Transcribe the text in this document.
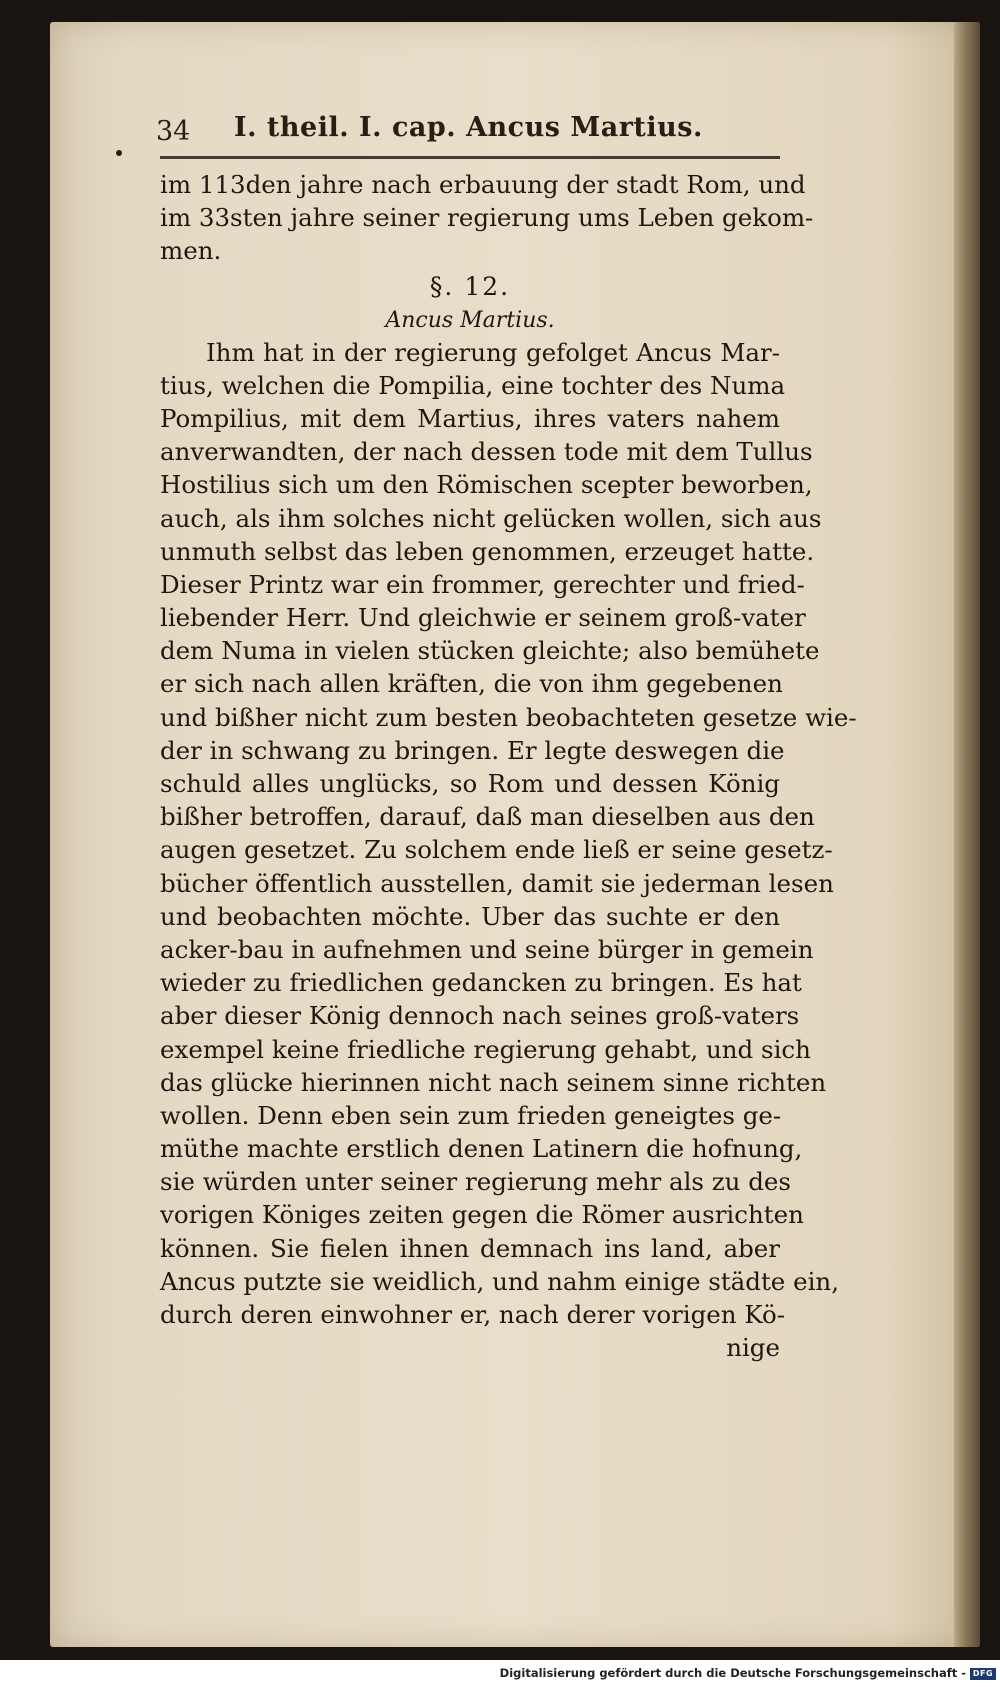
34 I. theil. I. cap. Ancus Martius.
im 113den jahre nach erbauung der stadt Rom, und
im 33sten jahre seiner regierung ums Leben gekom-
men.
§. 12.
Ancus Martius.
Ihm hat in der regierung gefolget Ancus Mar-
tius, welchen die Pompilia, eine tochter des Numa
Pompilius, mit dem Martius, ihres vaters nahem
anverwandten, der nach dessen tode mit dem Tullus
Hostilius sich um den Römischen scepter beworben,
auch, als ihm solches nicht gelücken wollen, sich aus
unmuth selbst das leben genommen, erzeuget hatte.
Dieser Printz war ein frommer, gerechter und fried-
liebender Herr. Und gleichwie er seinem groß-vater
dem Numa in vielen stücken gleichte; also bemühete
er sich nach allen kräften, die von ihm gegebenen
und bißher nicht zum besten beobachteten gesetze wie-
der in schwang zu bringen. Er legte deswegen die
schuld alles unglücks, so Rom und dessen König
bißher betroffen, darauf, daß man dieselben aus den
augen gesetzet. Zu solchem ende ließ er seine gesetz-
bücher öffentlich ausstellen, damit sie jederman lesen
und beobachten möchte. Uber das suchte er den
acker-bau in aufnehmen und seine bürger in gemein
wieder zu friedlichen gedancken zu bringen. Es hat
aber dieser König dennoch nach seines groß-vaters
exempel keine friedliche regierung gehabt, und sich
das glücke hierinnen nicht nach seinem sinne richten
wollen. Denn eben sein zum frieden geneigtes ge-
müthe machte erstlich denen Latinern die hofnung,
sie würden unter seiner regierung mehr als zu des
vorigen Königes zeiten gegen die Römer ausrichten
können. Sie fielen ihnen demnach ins land, aber
Ancus putzte sie weidlich, und nahm einige städte ein,
durch deren einwohner er, nach derer vorigen Kö-
nige
Digitalisierung gefördert durch die Deutsche Forschungsgemeinschaft - DFG
